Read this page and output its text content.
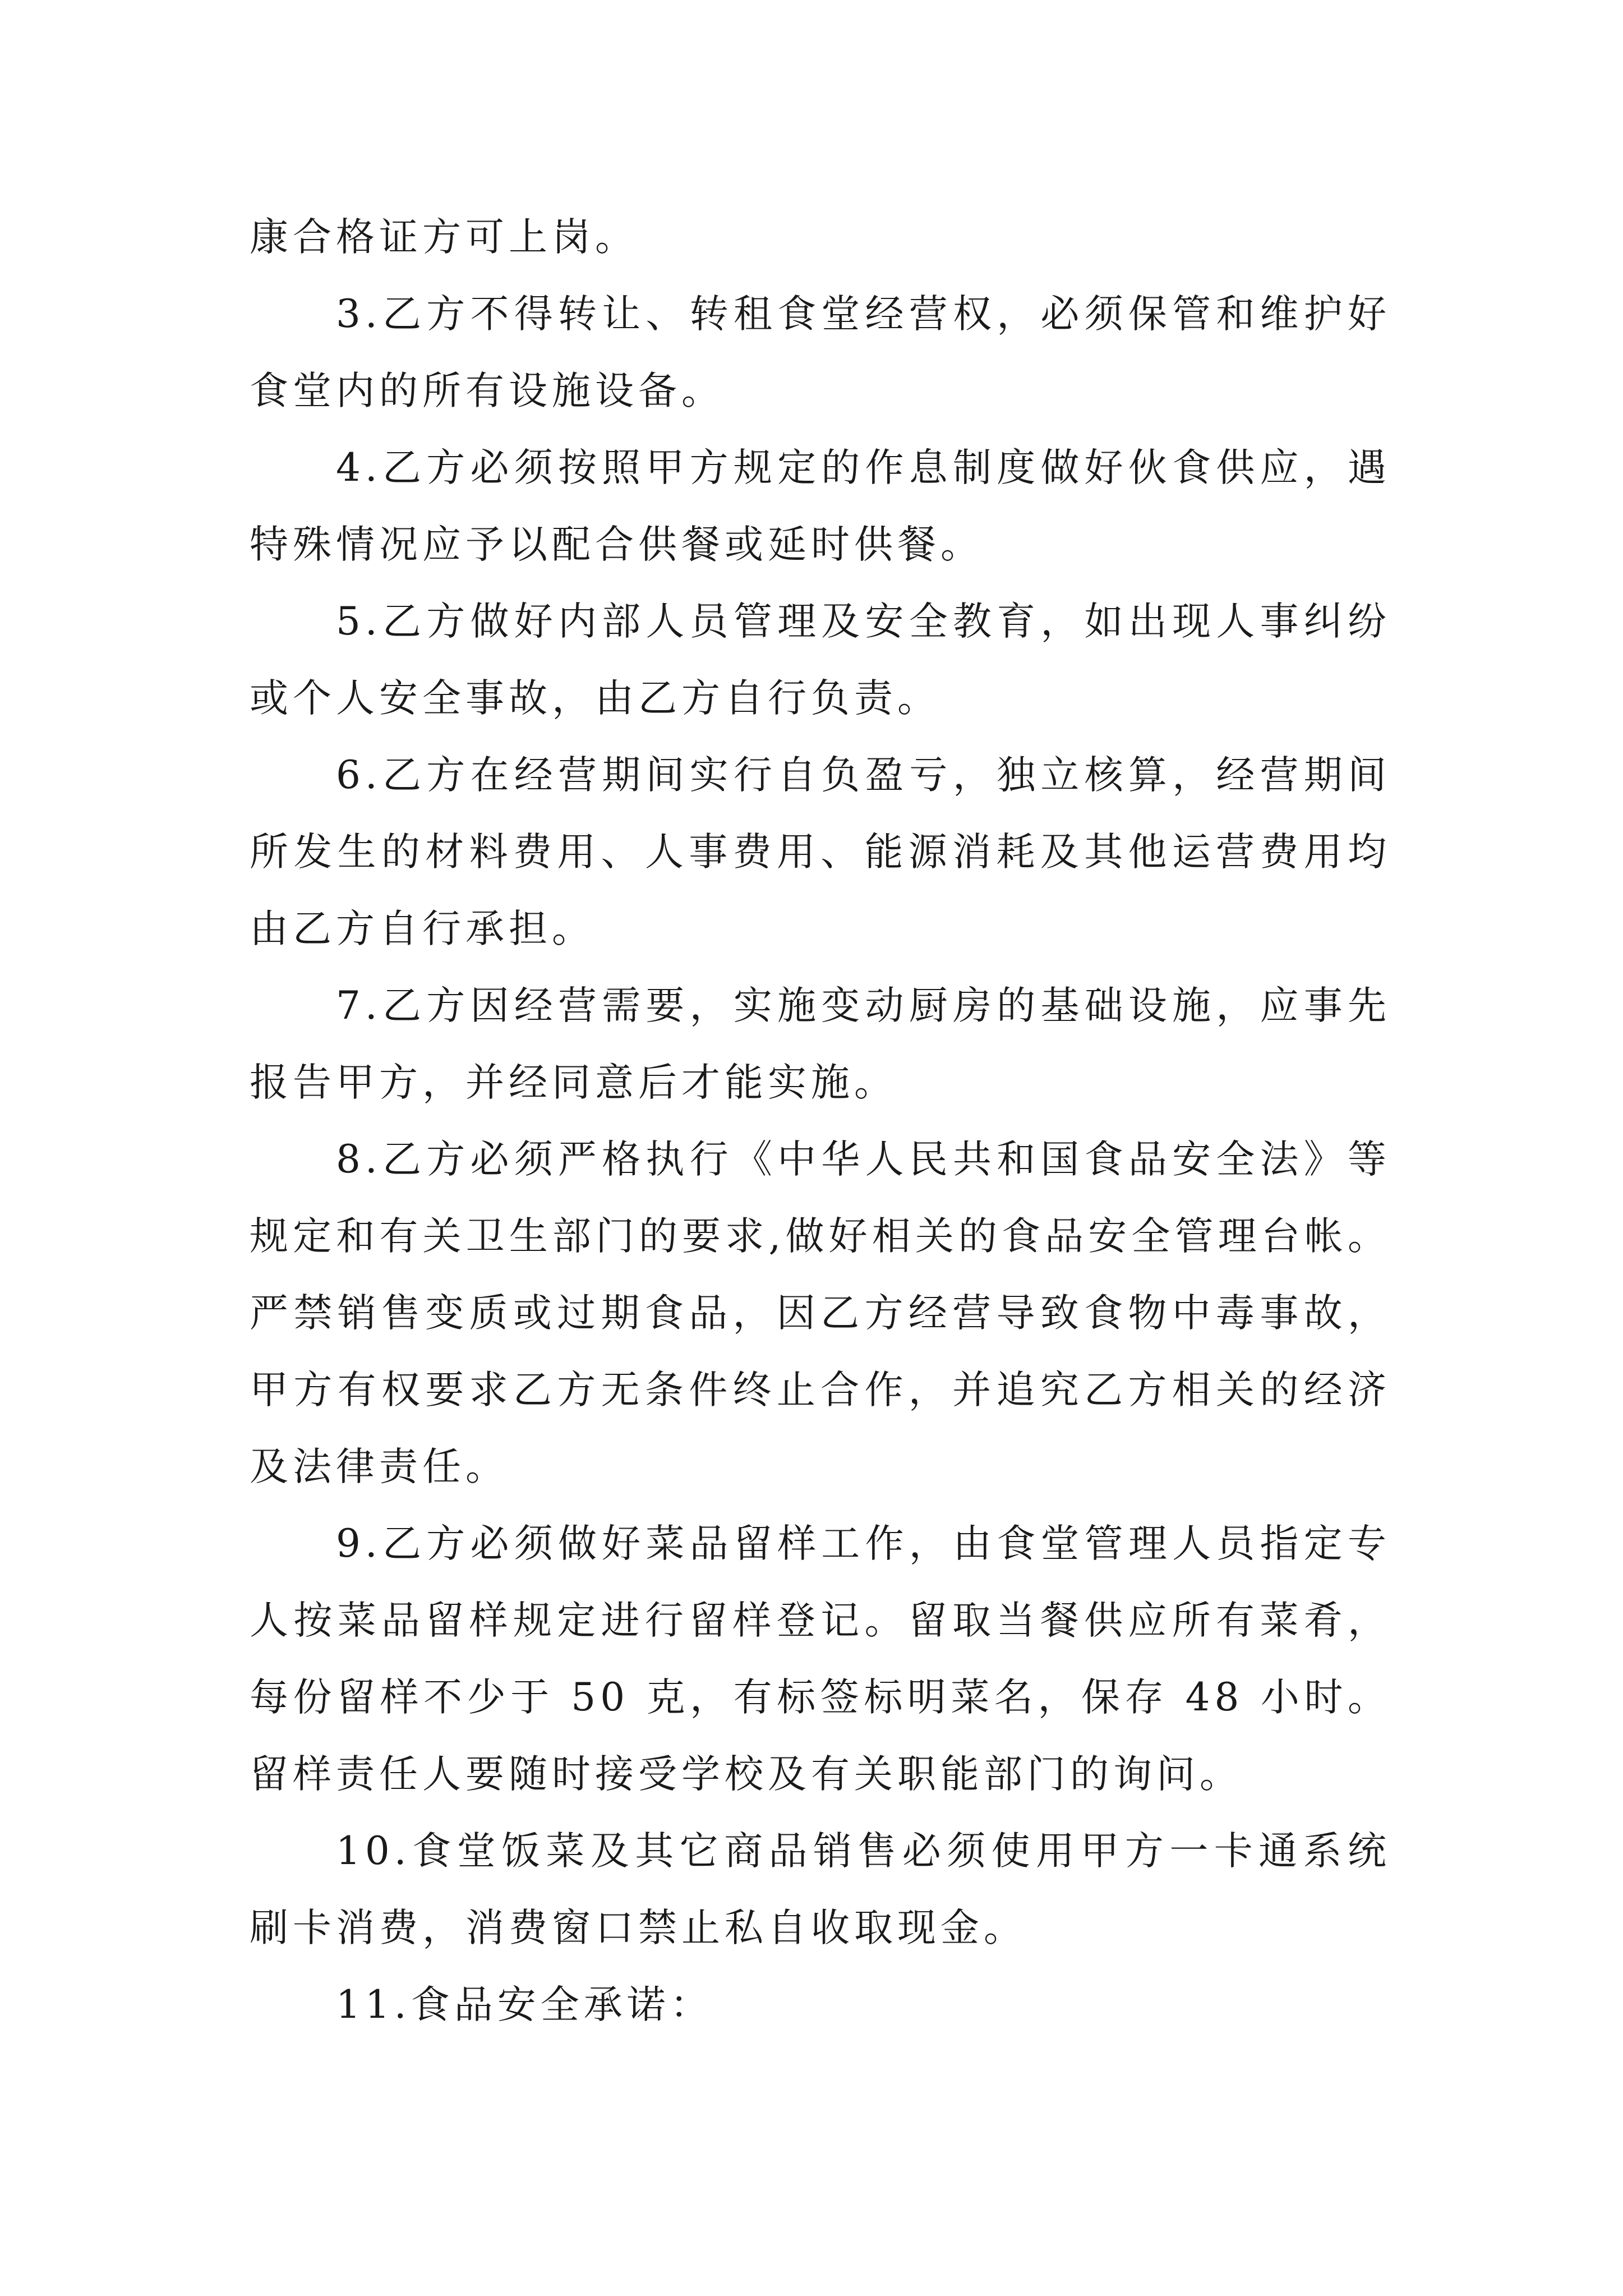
康合格证方可上岗。

3.乙方不得转让、转租食堂经营权，必须保管和维护好食堂内的所有设施设备。

4.乙方必须按照甲方规定的作息制度做好伙食供应，遇特殊情况应予以配合供餐或延时供餐。

5.乙方做好内部人员管理及安全教育，如出现人事纠纷或个人安全事故，由乙方自行负责。

6.乙方在经营期间实行自负盈亏，独立核算，经营期间所发生的材料费用、人事费用、能源消耗及其他运营费用均由乙方自行承担。

7.乙方因经营需要，实施变动厨房的基础设施，应事先报告甲方，并经同意后才能实施。

8.乙方必须严格执行《中华人民共和国食品安全法》等规定和有关卫生部门的要求,做好相关的食品安全管理台帐。严禁销售变质或过期食品，因乙方经营导致食物中毒事故，甲方有权要求乙方无条件终止合作，并追究乙方相关的经济及法律责任。

9.乙方必须做好菜品留样工作，由食堂管理人员指定专人按菜品留样规定进行留样登记。留取当餐供应所有菜肴，每份留样不少于 50 克，有标签标明菜名，保存 48 小时。留样责任人要随时接受学校及有关职能部门的询问。

10.食堂饭菜及其它商品销售必须使用甲方一卡通系统刷卡消费，消费窗口禁止私自收取现金。

11.食品安全承诺：
